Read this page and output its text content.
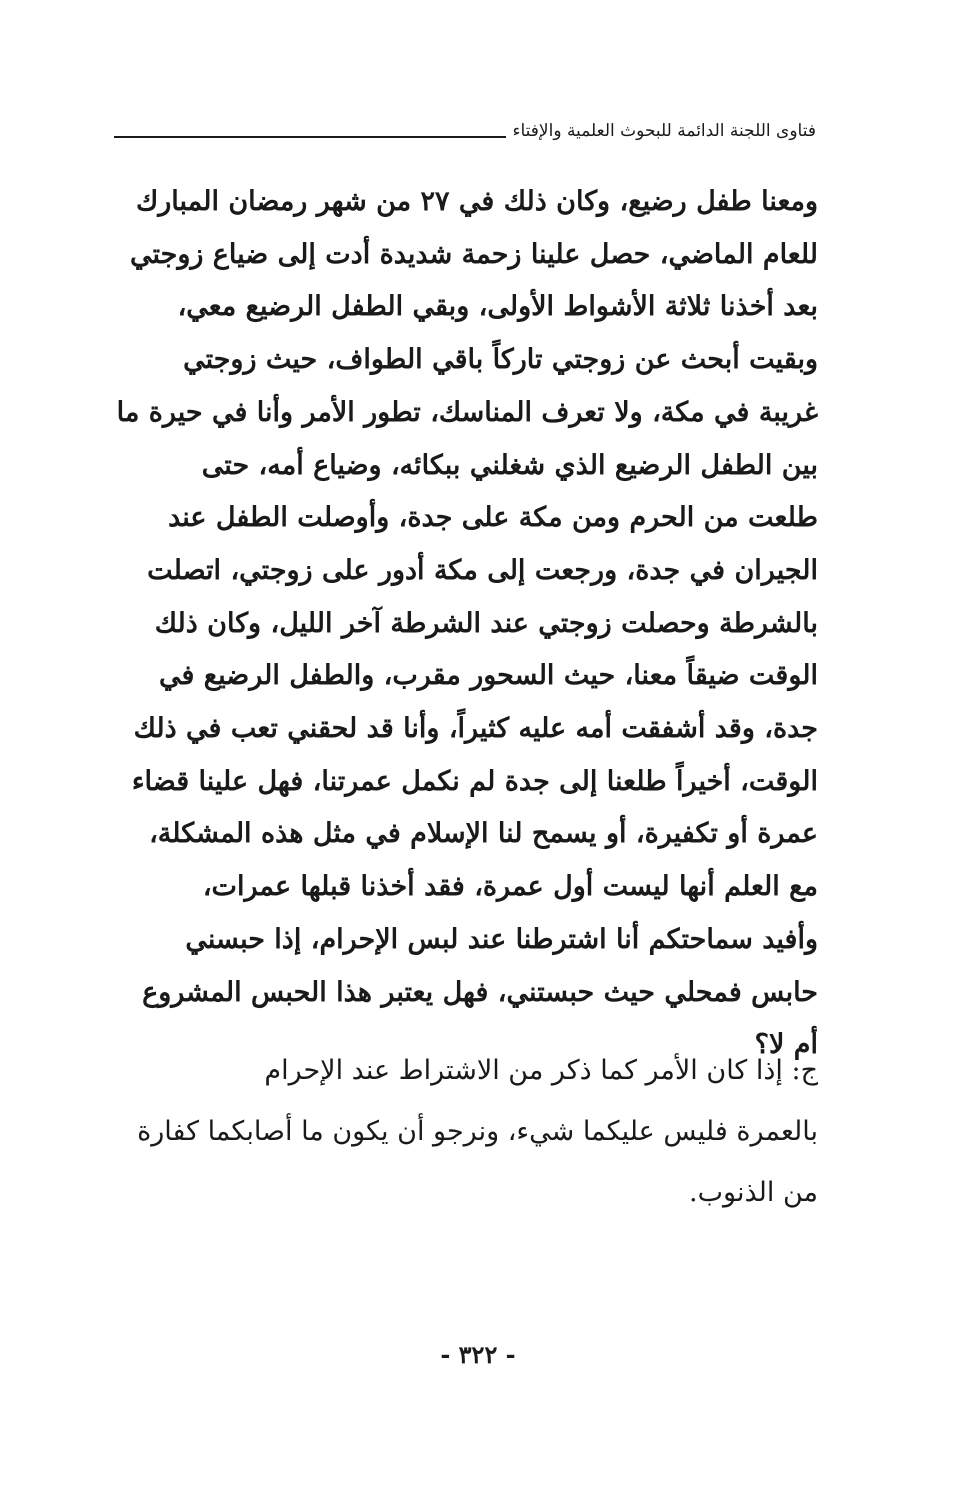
فتاوى اللجنة الدائمة للبحوث العلمية والإفتاء
ومعنا طفل رضيع، وكان ذلك في ٢٧ من شهر رمضان المبارك
للعام الماضي، حصل علينا زحمة شديدة أدت إلى ضياع زوجتي
بعد أخذنا ثلاثة الأشواط الأولى، وبقي الطفل الرضيع معي،
وبقيت أبحث عن زوجتي تاركاً باقي الطواف، حيث زوجتي
غريبة في مكة، ولا تعرف المناسك، تطور الأمر وأنا في حيرة ما
بين الطفل الرضيع الذي شغلني ببكائه، وضياع أمه، حتى
طلعت من الحرم ومن مكة على جدة، وأوصلت الطفل عند
الجيران في جدة، ورجعت إلى مكة أدور على زوجتي، اتصلت
بالشرطة وحصلت زوجتي عند الشرطة آخر الليل، وكان ذلك
الوقت ضيقاً معنا، حيث السحور مقرب، والطفل الرضيع في
جدة، وقد أشفقت أمه عليه كثيراً، وأنا قد لحقني تعب في ذلك
الوقت، أخيراً طلعنا إلى جدة لم نكمل عمرتنا، فهل علينا قضاء
عمرة أو تكفيرة، أو يسمح لنا الإسلام في مثل هذه المشكلة،
مع العلم أنها ليست أول عمرة، فقد أخذنا قبلها عمرات،
وأفيد سماحتكم أنا اشترطنا عند لبس الإحرام، إذا حبسني
حابس فمحلي حيث حبستني، فهل يعتبر هذا الحبس المشروع
أم لا؟
ج: إذا كان الأمر كما ذكر من الاشتراط عند الإحرام
بالعمرة فليس عليكما شيء، ونرجو أن يكون ما أصابكما كفارة
من الذنوب.
- ٣٢٢ -
